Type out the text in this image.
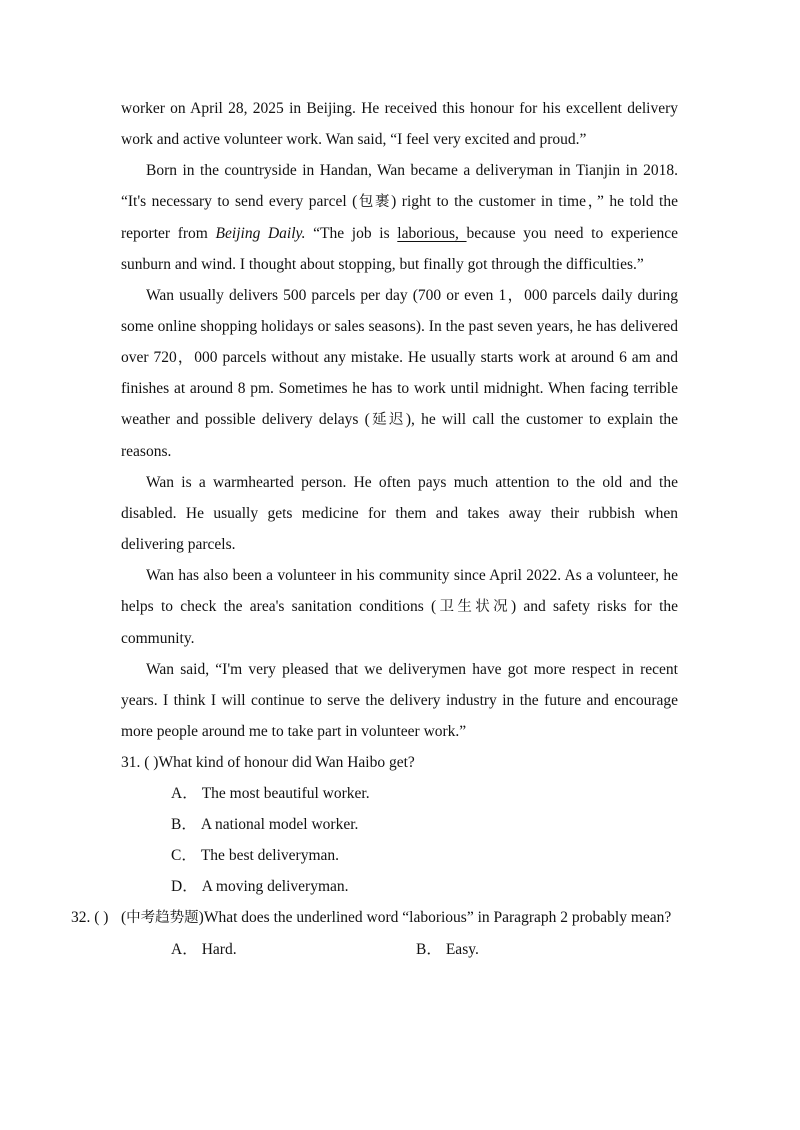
worker on April 28, 2025 in Beijing. He received this honour for his excellent delivery work and active volunteer work. Wan said, “I feel very excited and proud.”

Born in the countryside in Handan, Wan became a deliveryman in Tianjin in 2018. “It's necessary to send every parcel (包裹) right to the customer in time，” he told the reporter from Beijing Daily. “The job is laborious, because you need to experience sunburn and wind. I thought about stopping, but finally got through the difficulties.”

Wan usually delivers 500 parcels per day (700 or even 1，000 parcels daily during some online shopping holidays or sales seasons). In the past seven years, he has delivered over 720，000 parcels without any mistake. He usually starts work at around 6 am and finishes at around 8 pm. Sometimes he has to work until midnight. When facing terrible weather and possible delivery delays (延迟), he will call the customer to explain the reasons.

Wan is a warmhearted person. He often pays much attention to the old and the disabled. He usually gets medicine for them and takes away their rubbish when delivering parcels.

Wan has also been a volunteer in his community since April 2022. As a volunteer, he helps to check the area's sanitation conditions (卫生状况) and safety risks for the community.

Wan said, “I'm very pleased that we deliverymen have got more respect in recent years. I think I will continue to serve the delivery industry in the future and encourage more people around me to take part in volunteer work.”

31. ( )What kind of honour did Wan Haibo get?

A． The most beautiful worker.

B． A national model worker.

C． The best deliveryman.

D． A moving deliveryman.

32. ( ) (中考趋势题)What does the underlined word “laborious” in Paragraph 2 probably mean?

A． Hard.	B． Easy.
